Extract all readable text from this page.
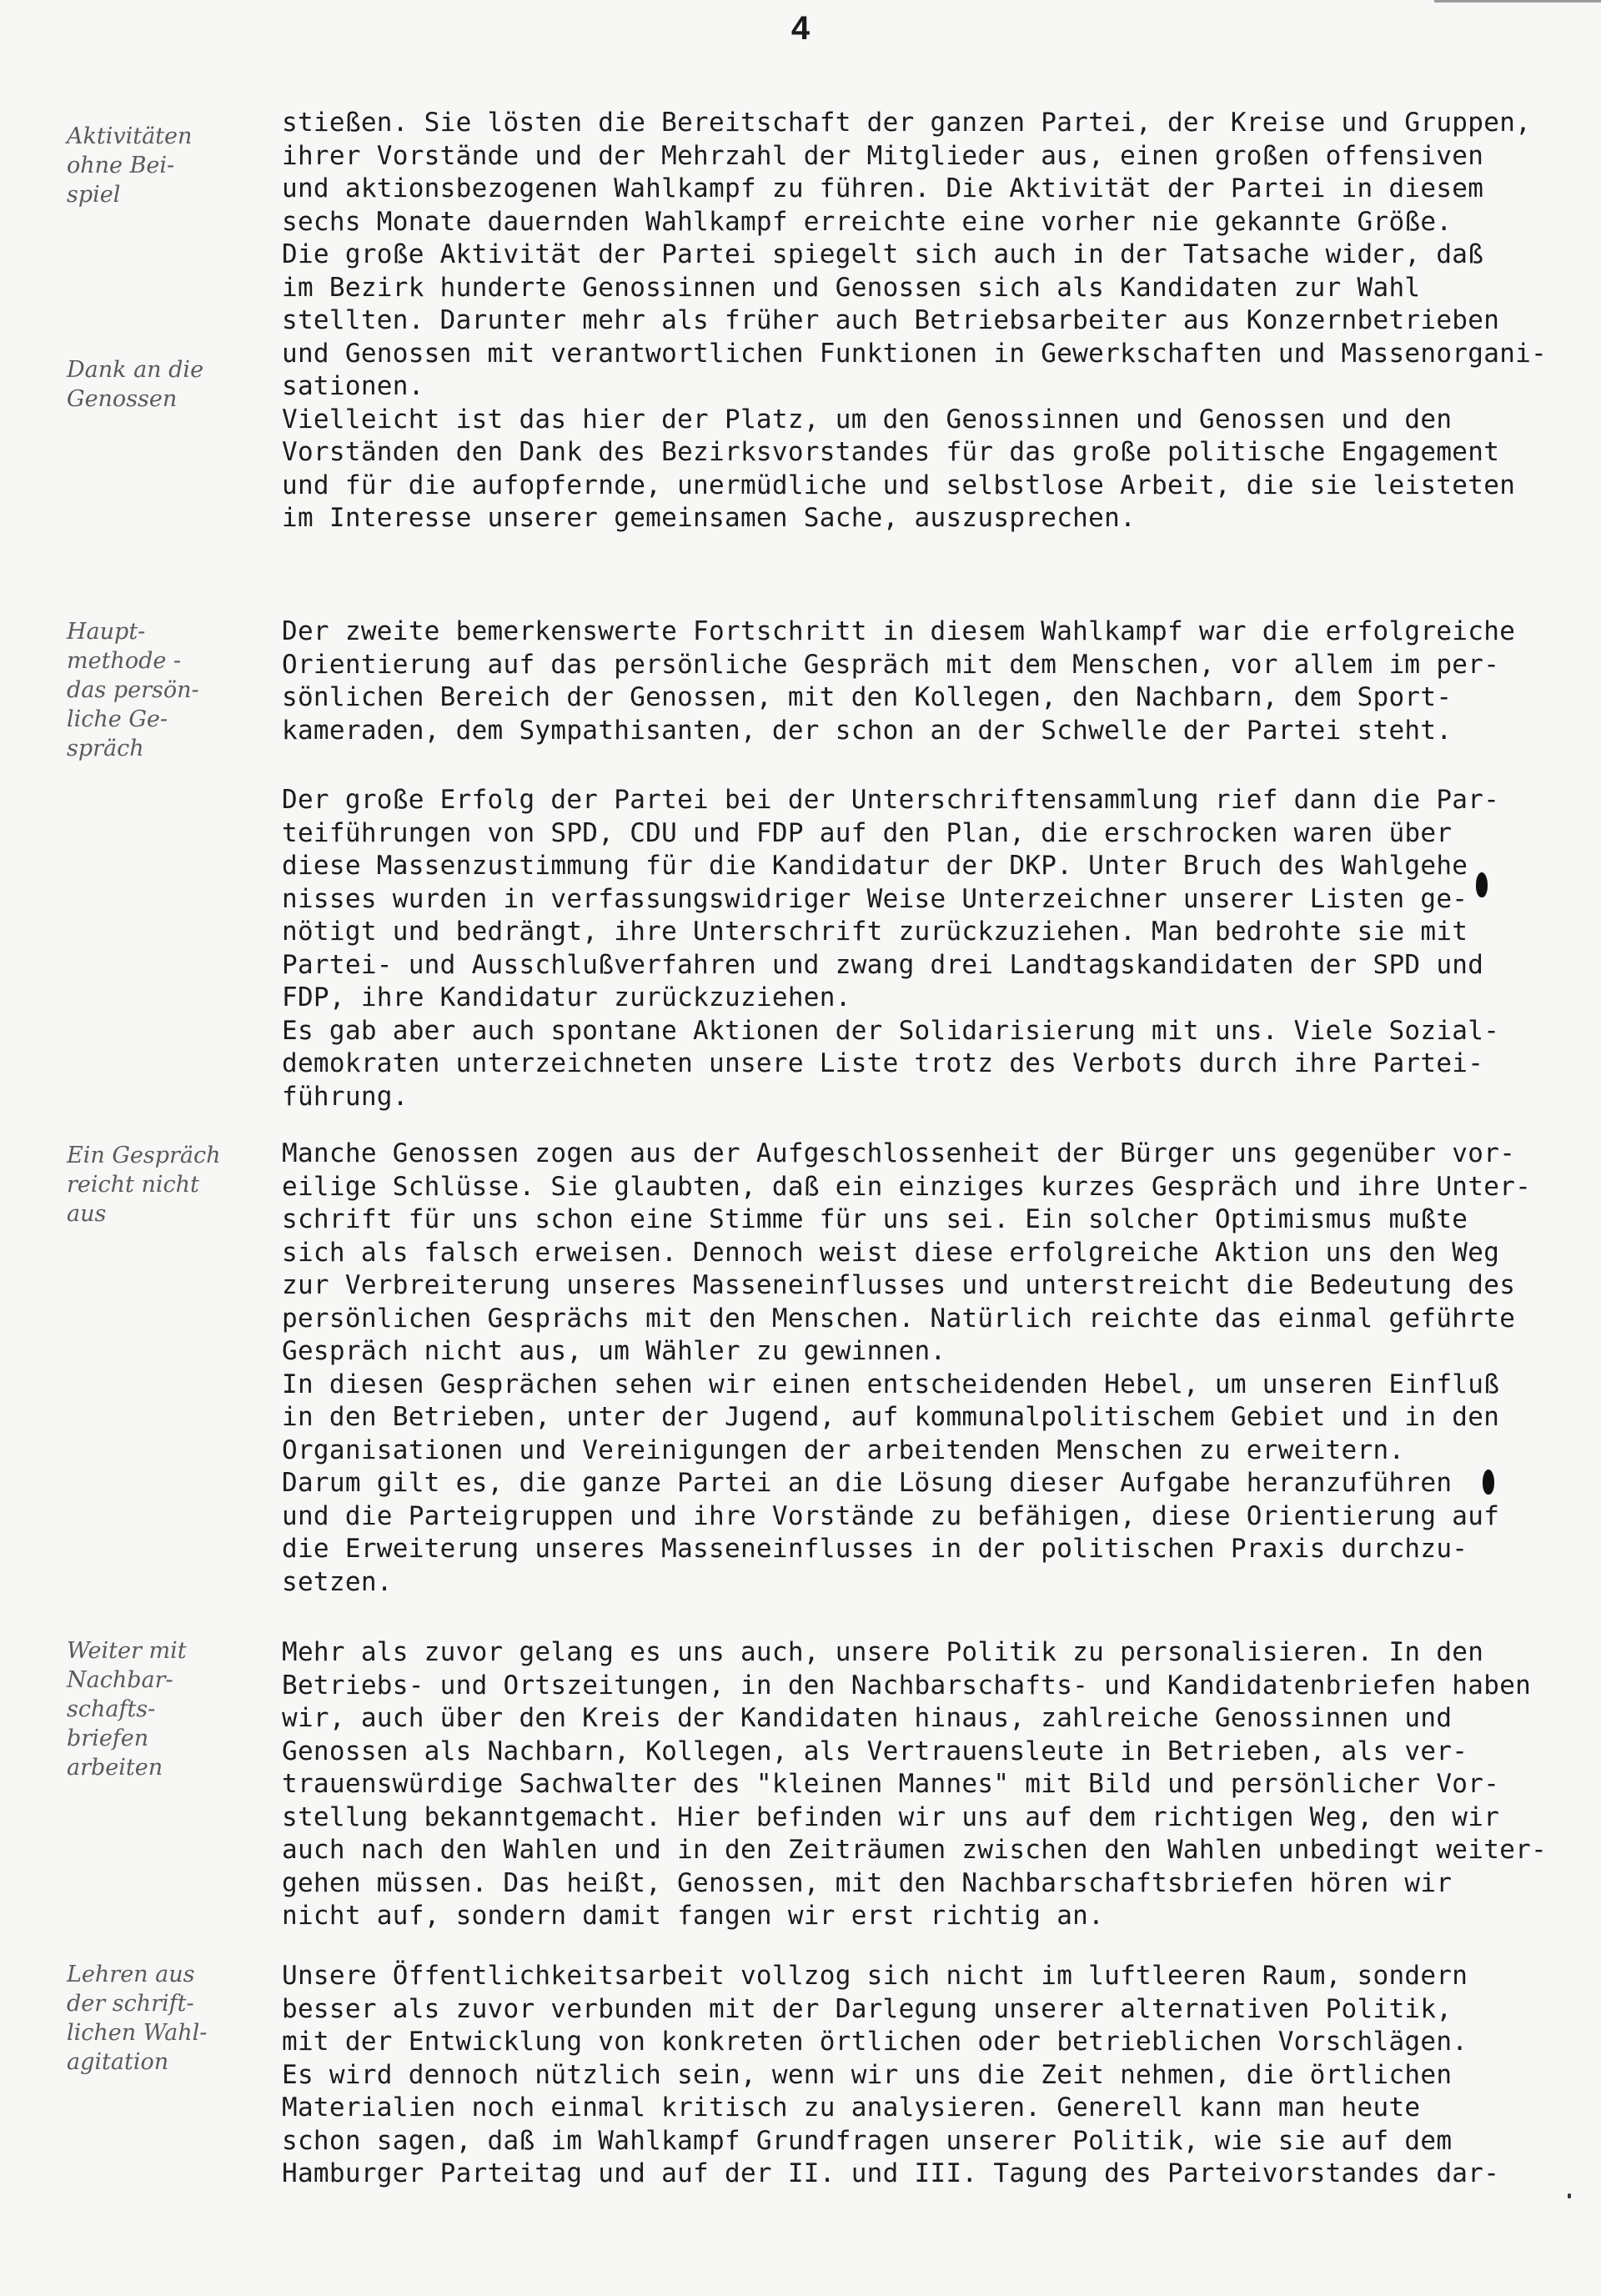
4
Aktivitäten
ohne Bei-
spiel

Dank an die
Genossen
stießen. Sie lösten die Bereitschaft der ganzen Partei, der Kreise und Gruppen,
ihrer Vorstände und der Mehrzahl der Mitglieder aus, einen großen offensiven
und aktionsbezogenen Wahlkampf zu führen. Die Aktivität der Partei in diesem
sechs Monate dauernden Wahlkampf erreichte eine vorher nie gekannte Größe.
Die große Aktivität der Partei spiegelt sich auch in der Tatsache wider, daß
im Bezirk hunderte Genossinnen und Genossen sich als Kandidaten zur Wahl
stellten. Darunter mehr als früher auch Betriebsarbeiter aus Konzernbetrieben
und Genossen mit verantwortlichen Funktionen in Gewerkschaften und Massenorgani-
sationen.
Vielleicht ist das hier der Platz, um den Genossinnen und Genossen und den
Vorständen den Dank des Bezirksvorstandes für das große politische Engagement
und für die aufopfernde, unermüdliche und selbstlose Arbeit, die sie leisteten
im Interesse unserer gemeinsamen Sache, auszusprechen.
Haupt-
methode -
das persön-
liche Ge-
spräch
Der zweite bemerkenswerte Fortschritt in diesem Wahlkampf war die erfolgreiche
Orientierung auf das persönliche Gespräch mit dem Menschen, vor allem im per-
sönlichen Bereich der Genossen, mit den Kollegen, den Nachbarn, dem Sport-
kameraden, dem Sympathisanten, der schon an der Schwelle der Partei steht.
Der große Erfolg der Partei bei der Unterschriftensammlung rief dann die Par-
teiführungen von SPD, CDU und FDP auf den Plan, die erschrocken waren über
diese Massenzustimmung für die Kandidatur der DKP. Unter Bruch des Wahlgehe
nisses wurden in verfassungswidriger Weise Unterzeichner unserer Listen ge-
nötigt und bedrängt, ihre Unterschrift zurückzuziehen. Man bedrohte sie mit
Partei- und Ausschlußverfahren und zwang drei Landtagskandidaten der SPD und
FDP, ihre Kandidatur zurückzuziehen.
Es gab aber auch spontane Aktionen der Solidarisierung mit uns. Viele Sozial-
demokraten unterzeichneten unsere Liste trotz des Verbots durch ihre Partei-
führung.
Ein Gespräch
reicht nicht
aus
Manche Genossen zogen aus der Aufgeschlossenheit der Bürger uns gegenüber vor-
eilige Schlüsse. Sie glaubten, daß ein einziges kurzes Gespräch und ihre Unter-
schrift für uns schon eine Stimme für uns sei. Ein solcher Optimismus mußte
sich als falsch erweisen. Dennoch weist diese erfolgreiche Aktion uns den Weg
zur Verbreiterung unseres Masseneinflusses und unterstreicht die Bedeutung des
persönlichen Gesprächs mit den Menschen. Natürlich reichte das einmal geführte
Gespräch nicht aus, um Wähler zu gewinnen.
In diesen Gesprächen sehen wir einen entscheidenden Hebel, um unseren Einfluß
in den Betrieben, unter der Jugend, auf kommunalpolitischem Gebiet und in den
Organisationen und Vereinigungen der arbeitenden Menschen zu erweitern.
Darum gilt es, die ganze Partei an die Lösung dieser Aufgabe heranzuführen
und die Parteigruppen und ihre Vorstände zu befähigen, diese Orientierung auf
die Erweiterung unseres Masseneinflusses in der politischen Praxis durchzu-
setzen.
Weiter mit
Nachbar-
schafts-
briefen
arbeiten
Mehr als zuvor gelang es uns auch, unsere Politik zu personalisieren. In den
Betriebs- und Ortszeitungen, in den Nachbarschafts- und Kandidatenbriefen haben
wir, auch über den Kreis der Kandidaten hinaus, zahlreiche Genossinnen und
Genossen als Nachbarn, Kollegen, als Vertrauensleute in Betrieben, als ver-
trauenswürdige Sachwalter des "kleinen Mannes" mit Bild und persönlicher Vor-
stellung bekanntgemacht. Hier befinden wir uns auf dem richtigen Weg, den wir
auch nach den Wahlen und in den Zeiträumen zwischen den Wahlen unbedingt weiter-
gehen müssen. Das heißt, Genossen, mit den Nachbarschaftsbriefen hören wir
nicht auf, sondern damit fangen wir erst richtig an.
Lehren aus
der schrift-
lichen Wahl-
agitation
Unsere Öffentlichkeitsarbeit vollzog sich nicht im luftleeren Raum, sondern
besser als zuvor verbunden mit der Darlegung unserer alternativen Politik,
mit der Entwicklung von konkreten örtlichen oder betrieblichen Vorschlägen.
Es wird dennoch nützlich sein, wenn wir uns die Zeit nehmen, die örtlichen
Materialien noch einmal kritisch zu analysieren. Generell kann man heute
schon sagen, daß im Wahlkampf Grundfragen unserer Politik, wie sie auf dem
Hamburger Parteitag und auf der II. und III. Tagung des Parteivorstandes dar-
